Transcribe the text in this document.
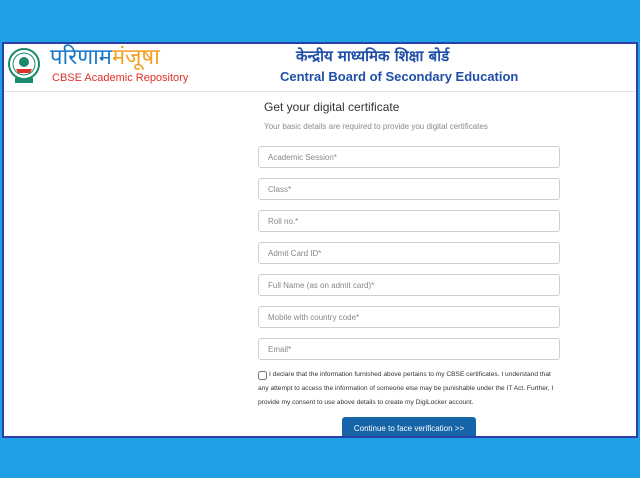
परिणाममंजूषा
CBSE Academic Repository
केन्द्रीय माध्यमिक शिक्षा बोर्ड
Central Board of Secondary Education
Get your digital certificate
Your basic details are required to provide you digital certificates
Academic Session*
Class*
Roll no.*
Admit Card ID*
Full Name (as on admit card)*
Mobile with country code*
Email*
I declare that the information furnished above pertains to my CBSE certificates. I understand that any attempt to access the information of someone else may be punishable under the IT Act. Further, I provide my consent to use above details to create my DigiLocker account.
Continue to face verification >>
